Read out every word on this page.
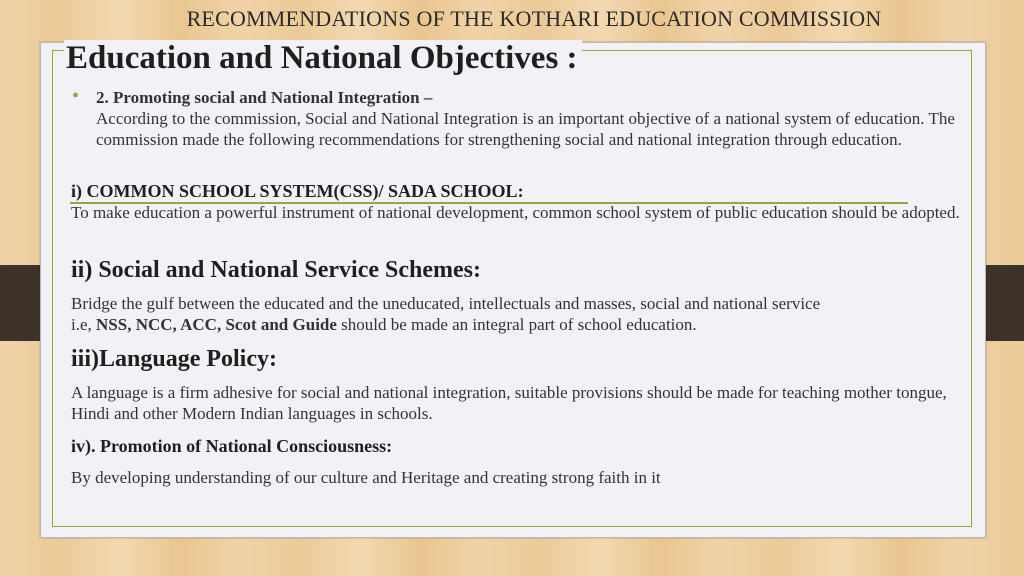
RECOMMENDATIONS OF THE KOTHARI EDUCATION COMMISSION
Education and National Objectives :
• 2. Promoting social and National Integration –
According to the commission, Social and National Integration is an important objective of a national system of education. The commission made the following recommendations for strengthening social and national integration through education.
i) COMMON SCHOOL SYSTEM(CSS)/ SADA SCHOOL:
To make education a powerful instrument of national development, common school system of public education should be adopted.
ii) Social and National Service Schemes:
Bridge the gulf between the educated and the uneducated, intellectuals and masses, social and national service
i.e, NSS, NCC, ACC, Scot and Guide should be made an integral part of school education.
iii)Language Policy:
A language is a firm adhesive for social and national integration, suitable provisions should be made for teaching mother tongue, Hindi and other Modern Indian languages in schools.
iv). Promotion of National Consciousness:
By developing understanding of our culture and Heritage and creating strong faith in it
